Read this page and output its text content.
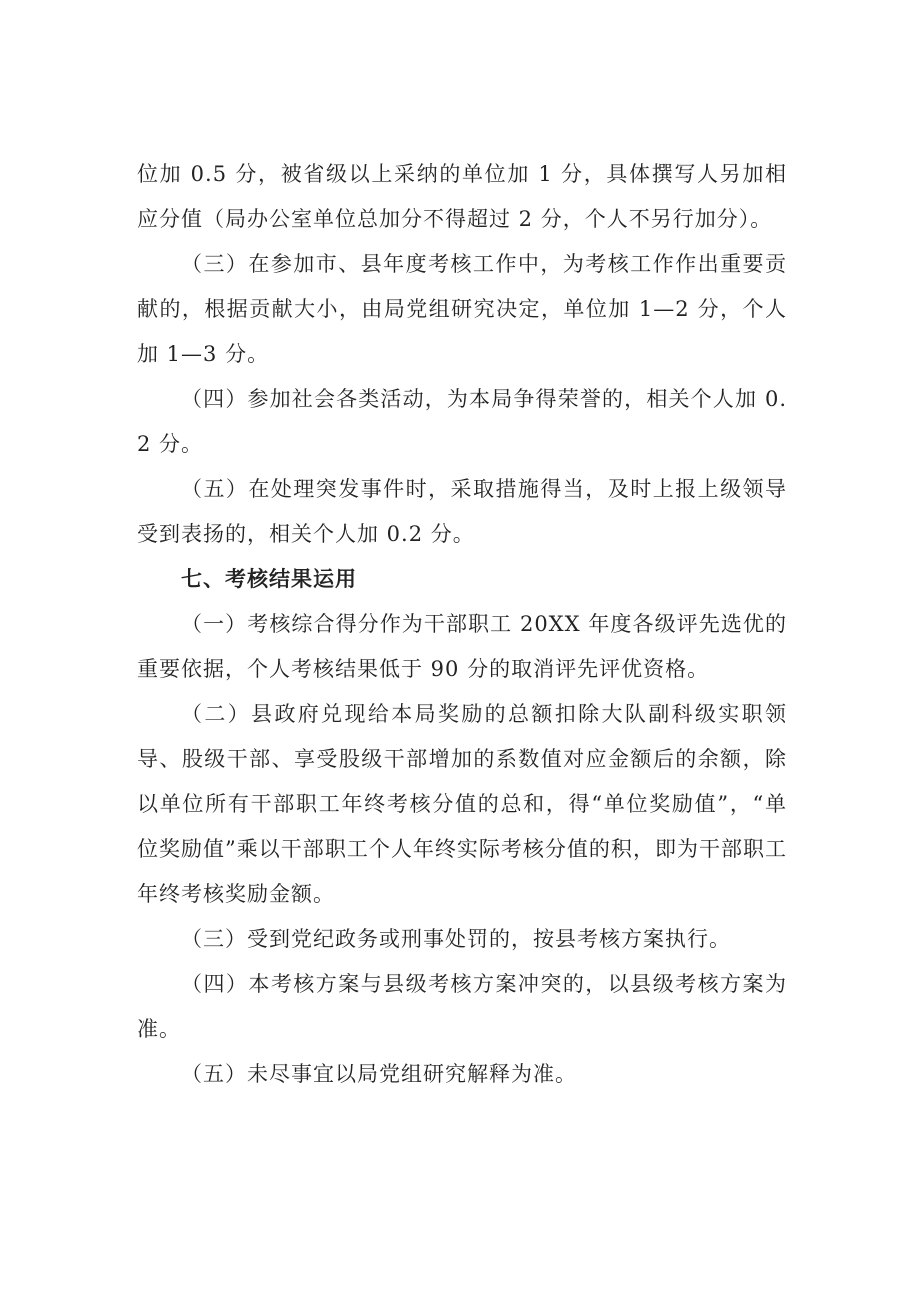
位加 0.5 分，被省级以上采纳的单位加 1 分，具体撰写人另加相应分值（局办公室单位总加分不得超过 2 分，个人不另行加分）。

（三）在参加市、县年度考核工作中，为考核工作作出重要贡献的，根据贡献大小，由局党组研究决定，单位加 1—2 分，个人加 1—3 分。

（四）参加社会各类活动，为本局争得荣誉的，相关个人加 0.2 分。

（五）在处理突发事件时，采取措施得当，及时上报上级领导受到表扬的，相关个人加 0.2 分。

七、考核结果运用

（一）考核综合得分作为干部职工 20XX 年度各级评先选优的重要依据，个人考核结果低于 90 分的取消评先评优资格。

（二）县政府兑现给本局奖励的总额扣除大队副科级实职领导、股级干部、享受股级干部增加的系数值对应金额后的余额，除以单位所有干部职工年终考核分值的总和，得“单位奖励值”，“单位奖励值”乘以干部职工个人年终实际考核分值的积，即为干部职工年终考核奖励金额。

（三）受到党纪政务或刑事处罚的，按县考核方案执行。

（四）本考核方案与县级考核方案冲突的，以县级考核方案为准。

（五）未尽事宜以局党组研究解释为准。
